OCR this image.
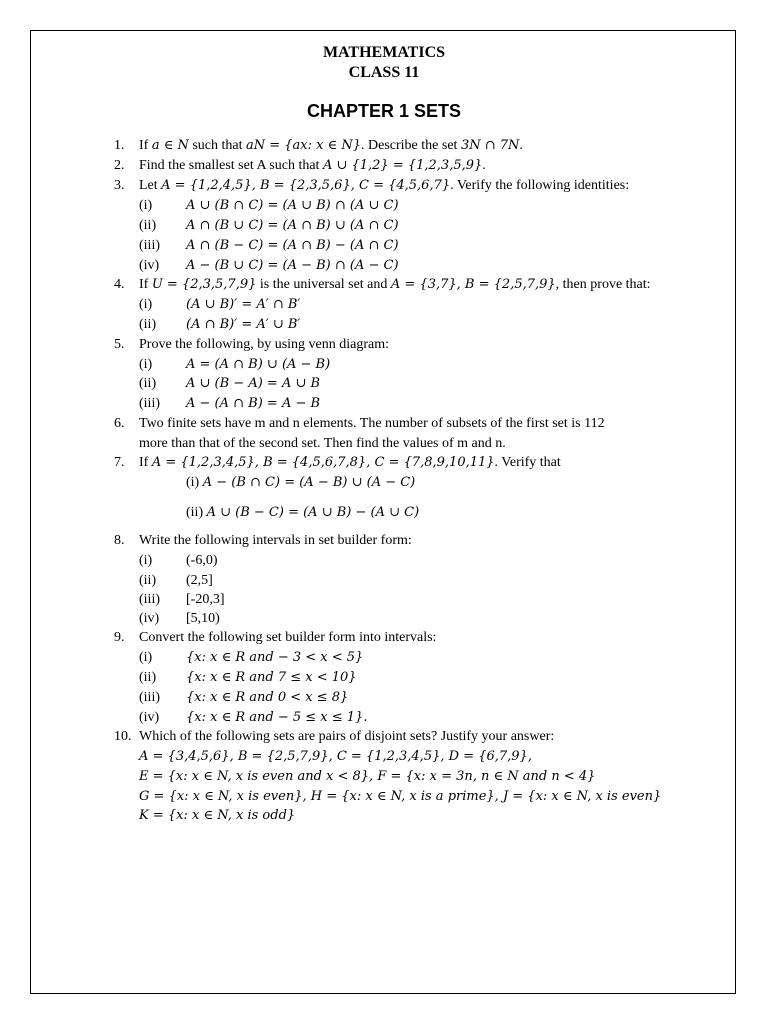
MATHEMATICS
CLASS 11
CHAPTER 1 SETS
1. If a ∈ N such that aN = {ax: x ∈ N}. Describe the set 3N ∩ 7N.
2. Find the smallest set A such that A ∪ {1,2} = {1,2,3,5,9}.
3. Let A = {1,2,4,5}, B = {2,3,5,6}, C = {4,5,6,7}. Verify the following identities:
(i)	A ∪ (B ∩ C) = (A ∪ B) ∩ (A ∪ C)
(ii) A ∩ (B ∪ C) = (A ∩ B) ∪ (A ∩ C)
(iii) A ∩ (B − C) = (A ∩ B) − (A ∩ C)
(iv) A − (B ∪ C) = (A − B) ∩ (A − C)
4. If U = {2,3,5,7,9} is the universal set and A = {3,7}, B = {2,5,7,9}, then prove that:
(i)	(A ∪ B)′ = A′ ∩ B′
(ii) (A ∩ B)′ = A′ ∪ B′
5. Prove the following, by using venn diagram:
(i)	A = (A ∩ B) ∪ (A − B)
(ii) A ∪ (B − A) = A ∪ B
(iii) A − (A ∩ B) = A − B
6. Two finite sets have m and n elements. The number of subsets of the first set is 112
more than that of the second set. Then find the values of m and n.
7. If A = {1,2,3,4,5}, B = {4,5,6,7,8}, C = {7,8,9,10,11}. Verify that
(i) A − (B ∩ C) = (A − B) ∪ (A − C)
(ii) A ∪ (B − C) = (A ∪ B) − (A ∪ C)
8. Write the following intervals in set builder form:
(i) (-6,0)
(ii) (2,5]
(iii) [-20,3]
(iv) [5,10)
9. Convert the following set builder form into intervals:
(i)	{x: x ∈ R and − 3 < x < 5}
(ii) {x: x ∈ R and 7 ≤ x < 10}
(iii) {x: x ∈ R and 0 < x ≤ 8}
(iv) {x: x ∈ R and − 5 ≤ x ≤ 1}.
10. Which of the following sets are pairs of disjoint sets? Justify your answer:
A = {3,4,5,6}, B = {2,5,7,9}, C = {1,2,3,4,5}, D = {6,7,9},
E = {x: x ∈ N, x is even and x < 8}, F = {x: x = 3n, n ∈ N and n < 4}
G = {x: x ∈ N, x is even}, H = {x: x ∈ N, x is a prime}, J = {x: x ∈ N, x is even}
K = {x: x ∈ N, x is odd}
